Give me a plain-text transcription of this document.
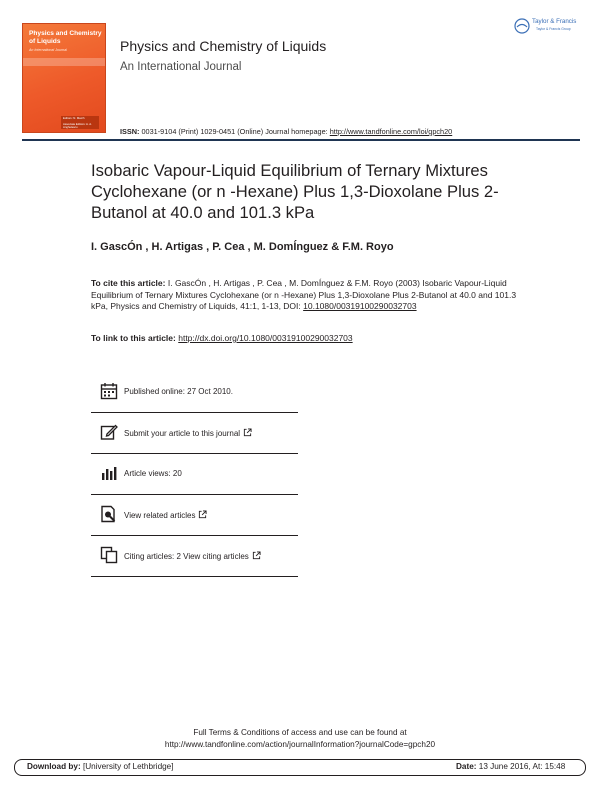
Physics and Chemistry of Liquids
An International Journal
Editors: N. March
Associate Editors: A. A. Anghelescu
Physics and Chemistry of Liquids
An International Journal
Taylor & Francis
Taylor & Francis Group
ISSN: 0031-9104 (Print) 1029-0451 (Online) Journal homepage: http://www.tandfonline.com/loi/gpch20
Isobaric Vapour-Liquid Equilibrium of Ternary Mixtures Cyclohexane (or n -Hexane) Plus 1,3-Dioxolane Plus 2-Butanol at 40.0 and 101.3 kPa
I. GascÓn , H. Artigas , P. Cea , M. DomÍnguez & F.M. Royo
To cite this article: I. GascÓn , H. Artigas , P. Cea , M. DomÍnguez & F.M. Royo (2003) Isobaric Vapour-Liquid Equilibrium of Ternary Mixtures Cyclohexane (or n -Hexane) Plus 1,3-Dioxolane Plus 2-Butanol at 40.0 and 101.3 kPa, Physics and Chemistry of Liquids, 41:1, 1-13, DOI: 10.1080/00319100290032703
To link to this article: http://dx.doi.org/10.1080/00319100290032703
Published online: 27 Oct 2010.
Submit your article to this journal
Article views: 20
View related articles
Citing articles: 2 View citing articles
Full Terms & Conditions of access and use can be found at
http://www.tandfonline.com/action/journalInformation?journalCode=gpch20
Download by: [University of Lethbridge]	Date: 13 June 2016, At: 15:48
